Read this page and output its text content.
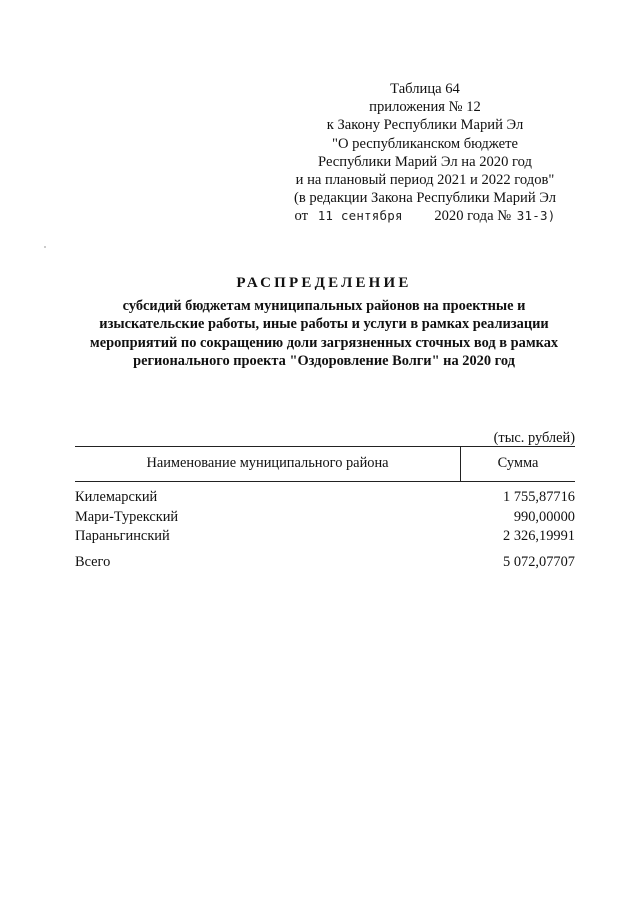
Таблица 64
приложения № 12
к Закону Республики Марий Эл
"О республиканском бюджете
Республики Марий Эл на 2020 год
и на плановый период 2021 и 2022 годов"
(в редакции Закона Республики Марий Эл
от 11 сентября 2020 года № 31-З)
РАСПРЕДЕЛЕНИЕ
субсидий бюджетам муниципальных районов на проектные и
изыскательские работы, иные работы и услуги в рамках реализации
мероприятий по сокращению доли загрязненных сточных вод в рамках
регионального проекта "Оздоровление Волги" на 2020 год
(тыс. рублей)
Наименование муниципального района	Сумма
Килемарский	1 755,87716
Мари-Турекский	990,00000
Параньгинский	2 326,19991
Всего	5 072,07707
